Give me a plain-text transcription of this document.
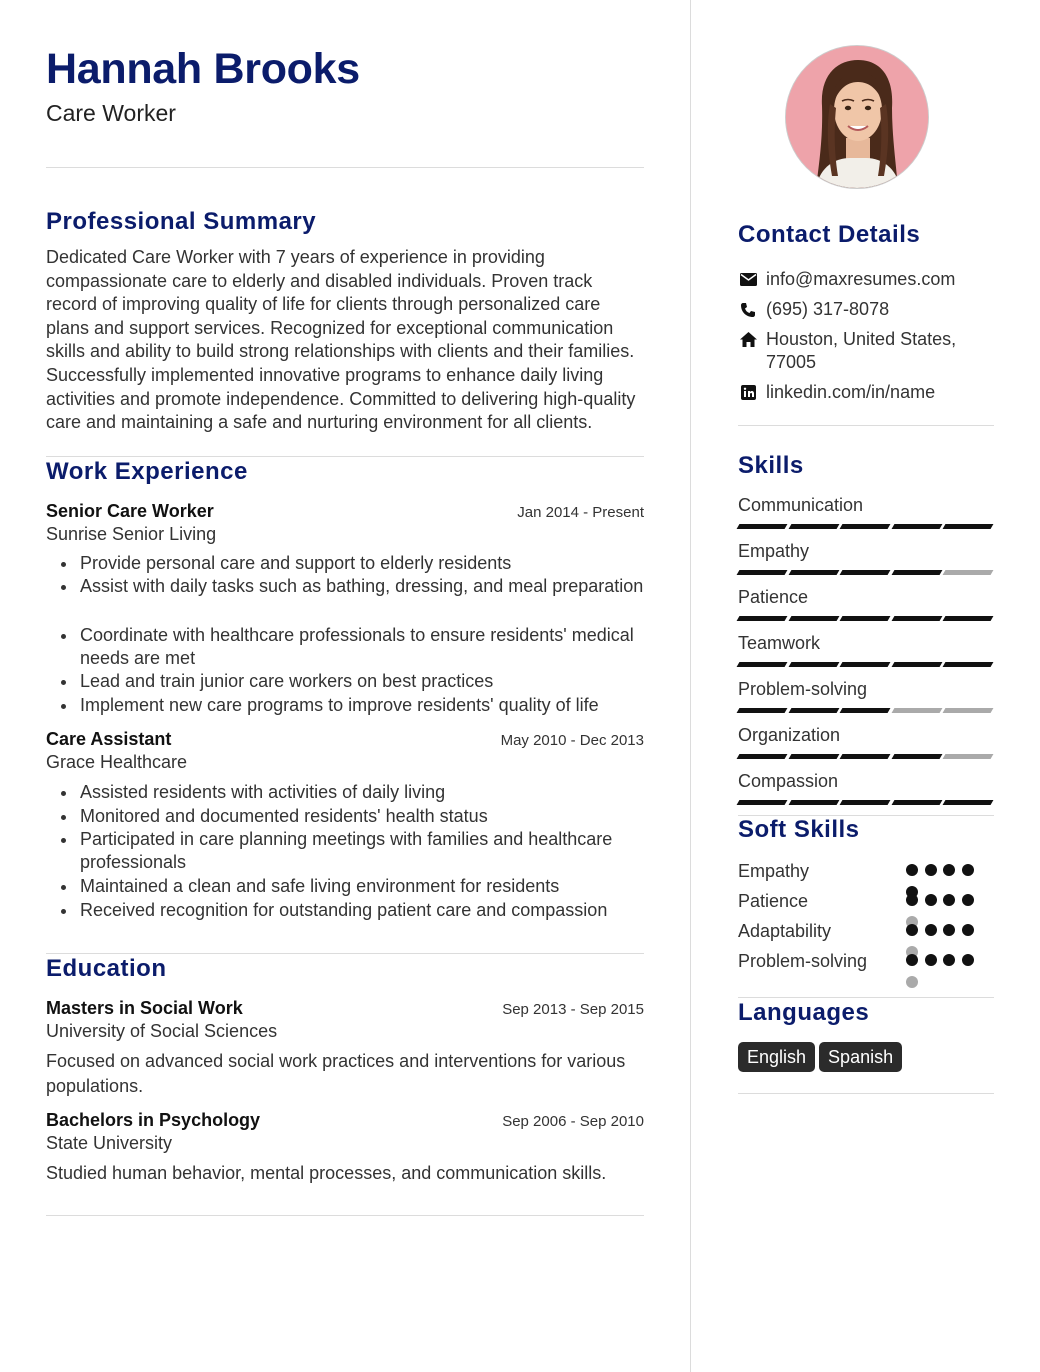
Hannah Brooks
Care Worker
Professional Summary
Dedicated Care Worker with 7 years of experience in providing compassionate care to elderly and disabled individuals. Proven track record of improving quality of life for clients through personalized care plans and support services. Recognized for exceptional communication skills and ability to build strong relationships with clients and their families. Successfully implemented innovative programs to enhance daily living activities and promote independence. Committed to delivering high-quality care and maintaining a safe and nurturing environment for all clients.
Work Experience
Senior Care Worker	Jan 2014 - Present
Sunrise Senior Living
• Provide personal care and support to elderly residents
• Assist with daily tasks such as bathing, dressing, and meal preparation
• Coordinate with healthcare professionals to ensure residents' medical needs are met
• Lead and train junior care workers on best practices
• Implement new care programs to improve residents' quality of life
Care Assistant	May 2010 - Dec 2013
Grace Healthcare
• Assisted residents with activities of daily living
• Monitored and documented residents' health status
• Participated in care planning meetings with families and healthcare professionals
• Maintained a clean and safe living environment for residents
• Received recognition for outstanding patient care and compassion
Education
Masters in Social Work	Sep 2013 - Sep 2015
University of Social Sciences
Focused on advanced social work practices and interventions for various populations.
Bachelors in Psychology	Sep 2006 - Sep 2010
State University
Studied human behavior, mental processes, and communication skills.
Contact Details
info@maxresumes.com
(695) 317-8078
Houston, United States, 77005
linkedin.com/in/name
Skills
Communication
Empathy
Patience
Teamwork
Problem-solving
Organization
Compassion
Soft Skills
Empathy
Patience
Adaptability
Problem-solving
Languages
English Spanish
